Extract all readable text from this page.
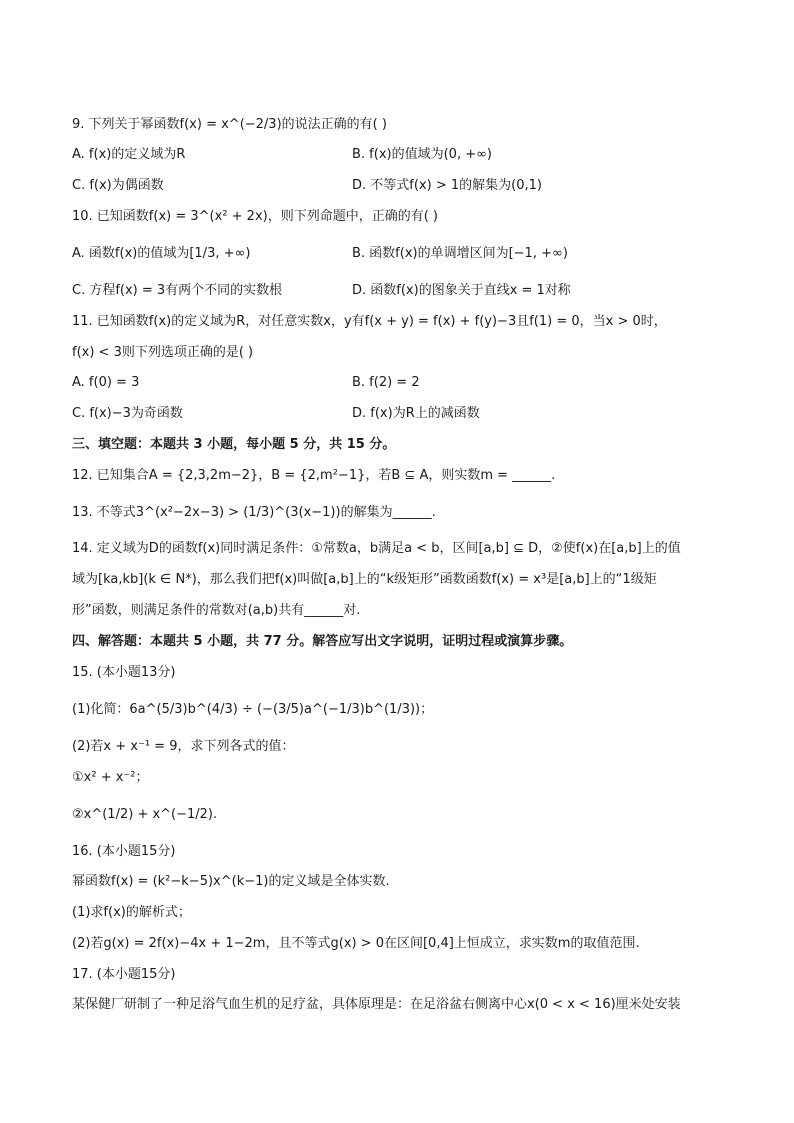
9. 下列关于幂函数f(x) = x^(−2/3)的说法正确的有( )
A. f(x)的定义域为R	B. f(x)的值域为(0, +∞)
C. f(x)为偶函数	D. 不等式f(x) > 1的解集为(0,1)
10. 已知函数f(x) = 3^(x² + 2x)，则下列命题中，正确的有( )
A. 函数f(x)的值域为[1/3, +∞)	B. 函数f(x)的单调增区间为[−1, +∞)
C. 方程f(x) = 3有两个不同的实数根	D. 函数f(x)的图象关于直线x = 1对称
11. 已知函数f(x)的定义域为R，对任意实数x，y有f(x + y) = f(x) + f(y)−3且f(1) = 0，当x > 0时，
f(x) < 3则下列选项正确的是( )
A. f(0) = 3	B. f(2) = 2
C. f(x)−3为奇函数	D. f(x)为R上的减函数
三、填空题：本题共 3 小题，每小题 5 分，共 15 分。
12. 已知集合A = {2,3,2m−2}，B = {2,m²−1}，若B ⊆ A，则实数m = ______.
13. 不等式3^(x²−2x−3) > (1/3)^(3(x−1))的解集为______.
14. 定义域为D的函数f(x)同时满足条件：①常数a，b满足a < b，区间[a,b] ⊆ D，②使f(x)在[a,b]上的值
域为[ka,kb](k ∈ N*)，那么我们把f(x)叫做[a,b]上的“k级矩形”函数函数f(x) = x³是[a,b]上的“1级矩
形”函数，则满足条件的常数对(a,b)共有______对.
四、解答题：本题共 5 小题，共 77 分。解答应写出文字说明，证明过程或演算步骤。
15. (本小题13分)
(1)化简：6a^(5/3)b^(4/3) ÷ (−(3/5)a^(−1/3)b^(1/3))；
(2)若x + x⁻¹ = 9，求下列各式的值：
①x² + x⁻²；
②x^(1/2) + x^(−1/2).
16. (本小题15分)
幂函数f(x) = (k²−k−5)x^(k−1)的定义域是全体实数.
(1)求f(x)的解析式；
(2)若g(x) = 2f(x)−4x + 1−2m，且不等式g(x) > 0在区间[0,4]上恒成立，求实数m的取值范围.
17. (本小题15分)
某保健厂研制了一种足浴气血生机的足疗盆，具体原理是：在足浴盆右侧离中心x(0 < x < 16)厘米处安装
